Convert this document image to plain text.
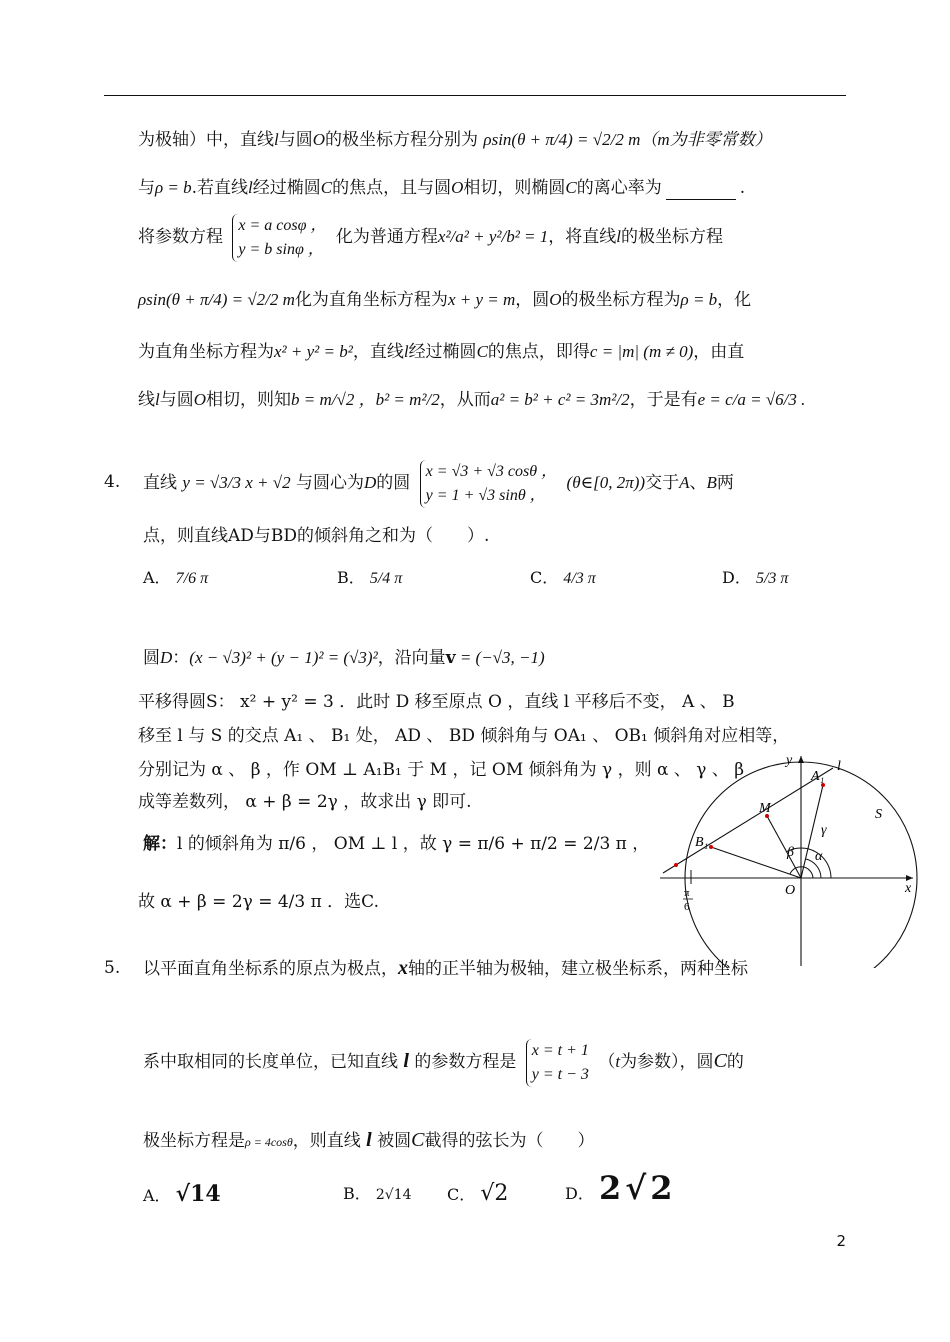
为极轴）中，直线l与圆O的极坐标方程分别为 ρsin(θ + π/4) = √2/2 m（m为非零常数）
与ρ = b.若直线l经过椭圆C的焦点，且与圆O相切，则椭圆C的离心率为	.
将参数方程
x = a cosφ ，
y = b sinφ ，
化为普通方程x²/a² + y²/b² = 1，将直线l的极坐标方程
ρsin(θ + π/4) = √2/2 m化为直角坐标方程为x + y = m，圆O的极坐标方程为ρ = b，化
为直角坐标方程为x² + y² = b²，直线l经过椭圆C的焦点，即得c = |m| (m ≠ 0)，由直
线l与圆O相切，则知b = m/√2 ，b² = m²/2，从而a² = b² + c² = 3m²/2，于是有e = c/a = √6/3 .
4. 直线 y = √3/3 x + √2 与圆心为D的圆
x = √3 + √3 cosθ ，
y = 1 + √3 sinθ ，
(θ∈[0, 2π))交于A、B两
点，则直线AD与BD的倾斜角之和为（　　）.
A． 7/6 π	B． 5/4 π	C． 4/3 π	D． 5/3 π
圆D：(x − √3)² + (y − 1)² = (√3)²，沿向量v = (−√3, −1)
平移得圆S： x² + y² = 3 ．此时 D 移至原点 O ，直线 l 平移后不变， A 、 B
移至 l 与 S 的交点 A₁ 、 B₁ 处， AD 、 BD 倾斜角与 OA₁ 、 OB₁ 倾斜角对应相等，
分别记为 α 、 β ，作 OM ⊥ A₁B₁ 于 M ，记 OM 倾斜角为 γ ，则 α 、 γ 、 β
成等差数列， α + β = 2γ ，故求出 γ 即可.
解：l 的倾斜角为 π/6 ， OM ⊥ l ，故 γ = π/6 + π/2 = 2/3 π ，
故 α + β = 2γ = 4/3 π ．选C.
y
x
O
A₁
B₁
M	S
l
α
β
γ
π
6
5. 以平面直角坐标系的原点为极点，x轴的正半轴为极轴，建立极坐标系，两种坐标
系中取相同的长度单位，已知直线 l 的参数方程是
x = t + 1
y = t − 3
（t为参数），圆C的
极坐标方程是ρ = 4cosθ，则直线 l 被圆C截得的弦长为（　　）
A． √14	B． 2√14 C． √2	D． 2√2
2
